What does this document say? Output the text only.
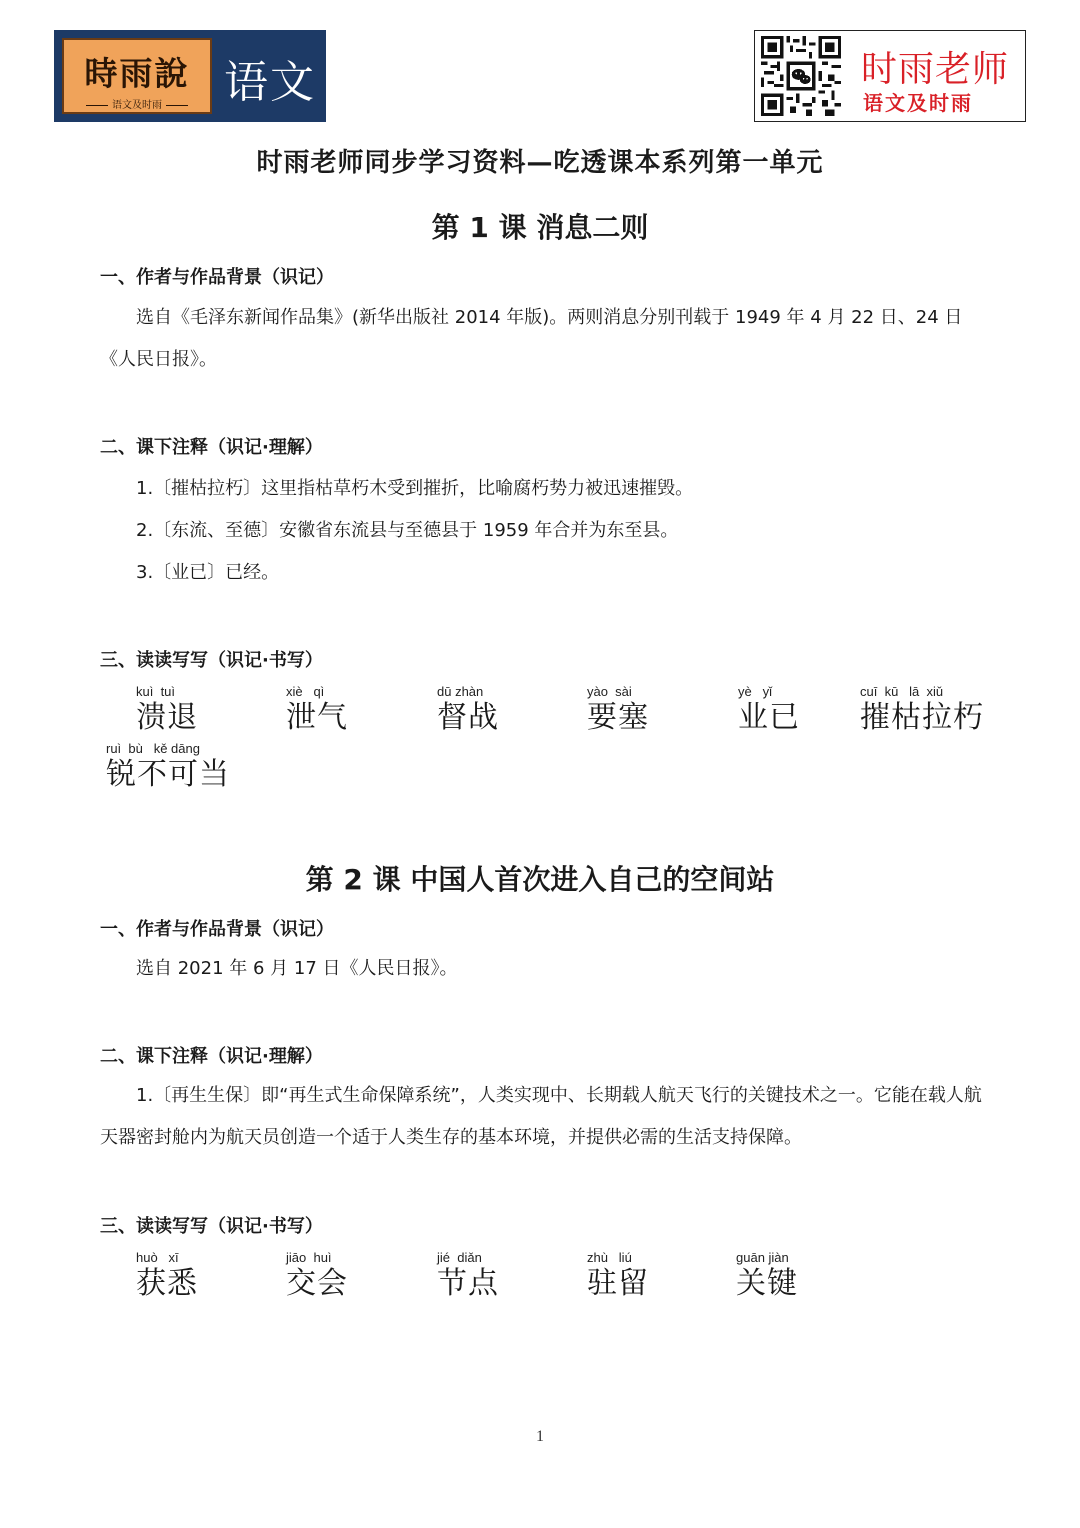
時雨說
语文及时雨	语文	时雨老师
语文及时雨
时雨老师同步学习资料—吃透课本系列第一单元
第 1 课 消息二则
一、作者与作品背景（识记）
选自《毛泽东新闻作品集》(新华出版社 2014 年版)。两则消息分别刊载于 1949 年 4 月 22 日、24 日《人民日报》。
二、课下注释（识记·理解）
1.〔摧枯拉朽〕这里指枯草朽木受到摧折，比喻腐朽势力被迅速摧毁。
2.〔东流、至德〕安徽省东流县与至德县于 1959 年合并为东至县。
3.〔业已〕已经。
三、读读写写（识记·书写）
kuì  tuì
溃退
xiè   qì
泄气
dū zhàn
督战
yào  sài
要塞
yè   yǐ
业已
cuī  kū   lā  xiǔ
摧枯拉朽
ruì  bù   kě dāng
锐不可当
第 2 课 中国人首次进入自己的空间站
一、作者与作品背景（识记）
选自 2021 年 6 月 17 日《人民日报》。
二、课下注释（识记·理解）
1.〔再生生保〕即“再生式生命保障系统”，人类实现中、长期载人航天飞行的关键技术之一。它能在载人航天器密封舱内为航天员创造一个适于人类生存的基本环境，并提供必需的生活支持保障。
三、读读写写（识记·书写）
huò   xī
获悉
jiāo  huì
交会
jié  diǎn
节点
zhù   liú
驻留
guān jiàn
关键
1
